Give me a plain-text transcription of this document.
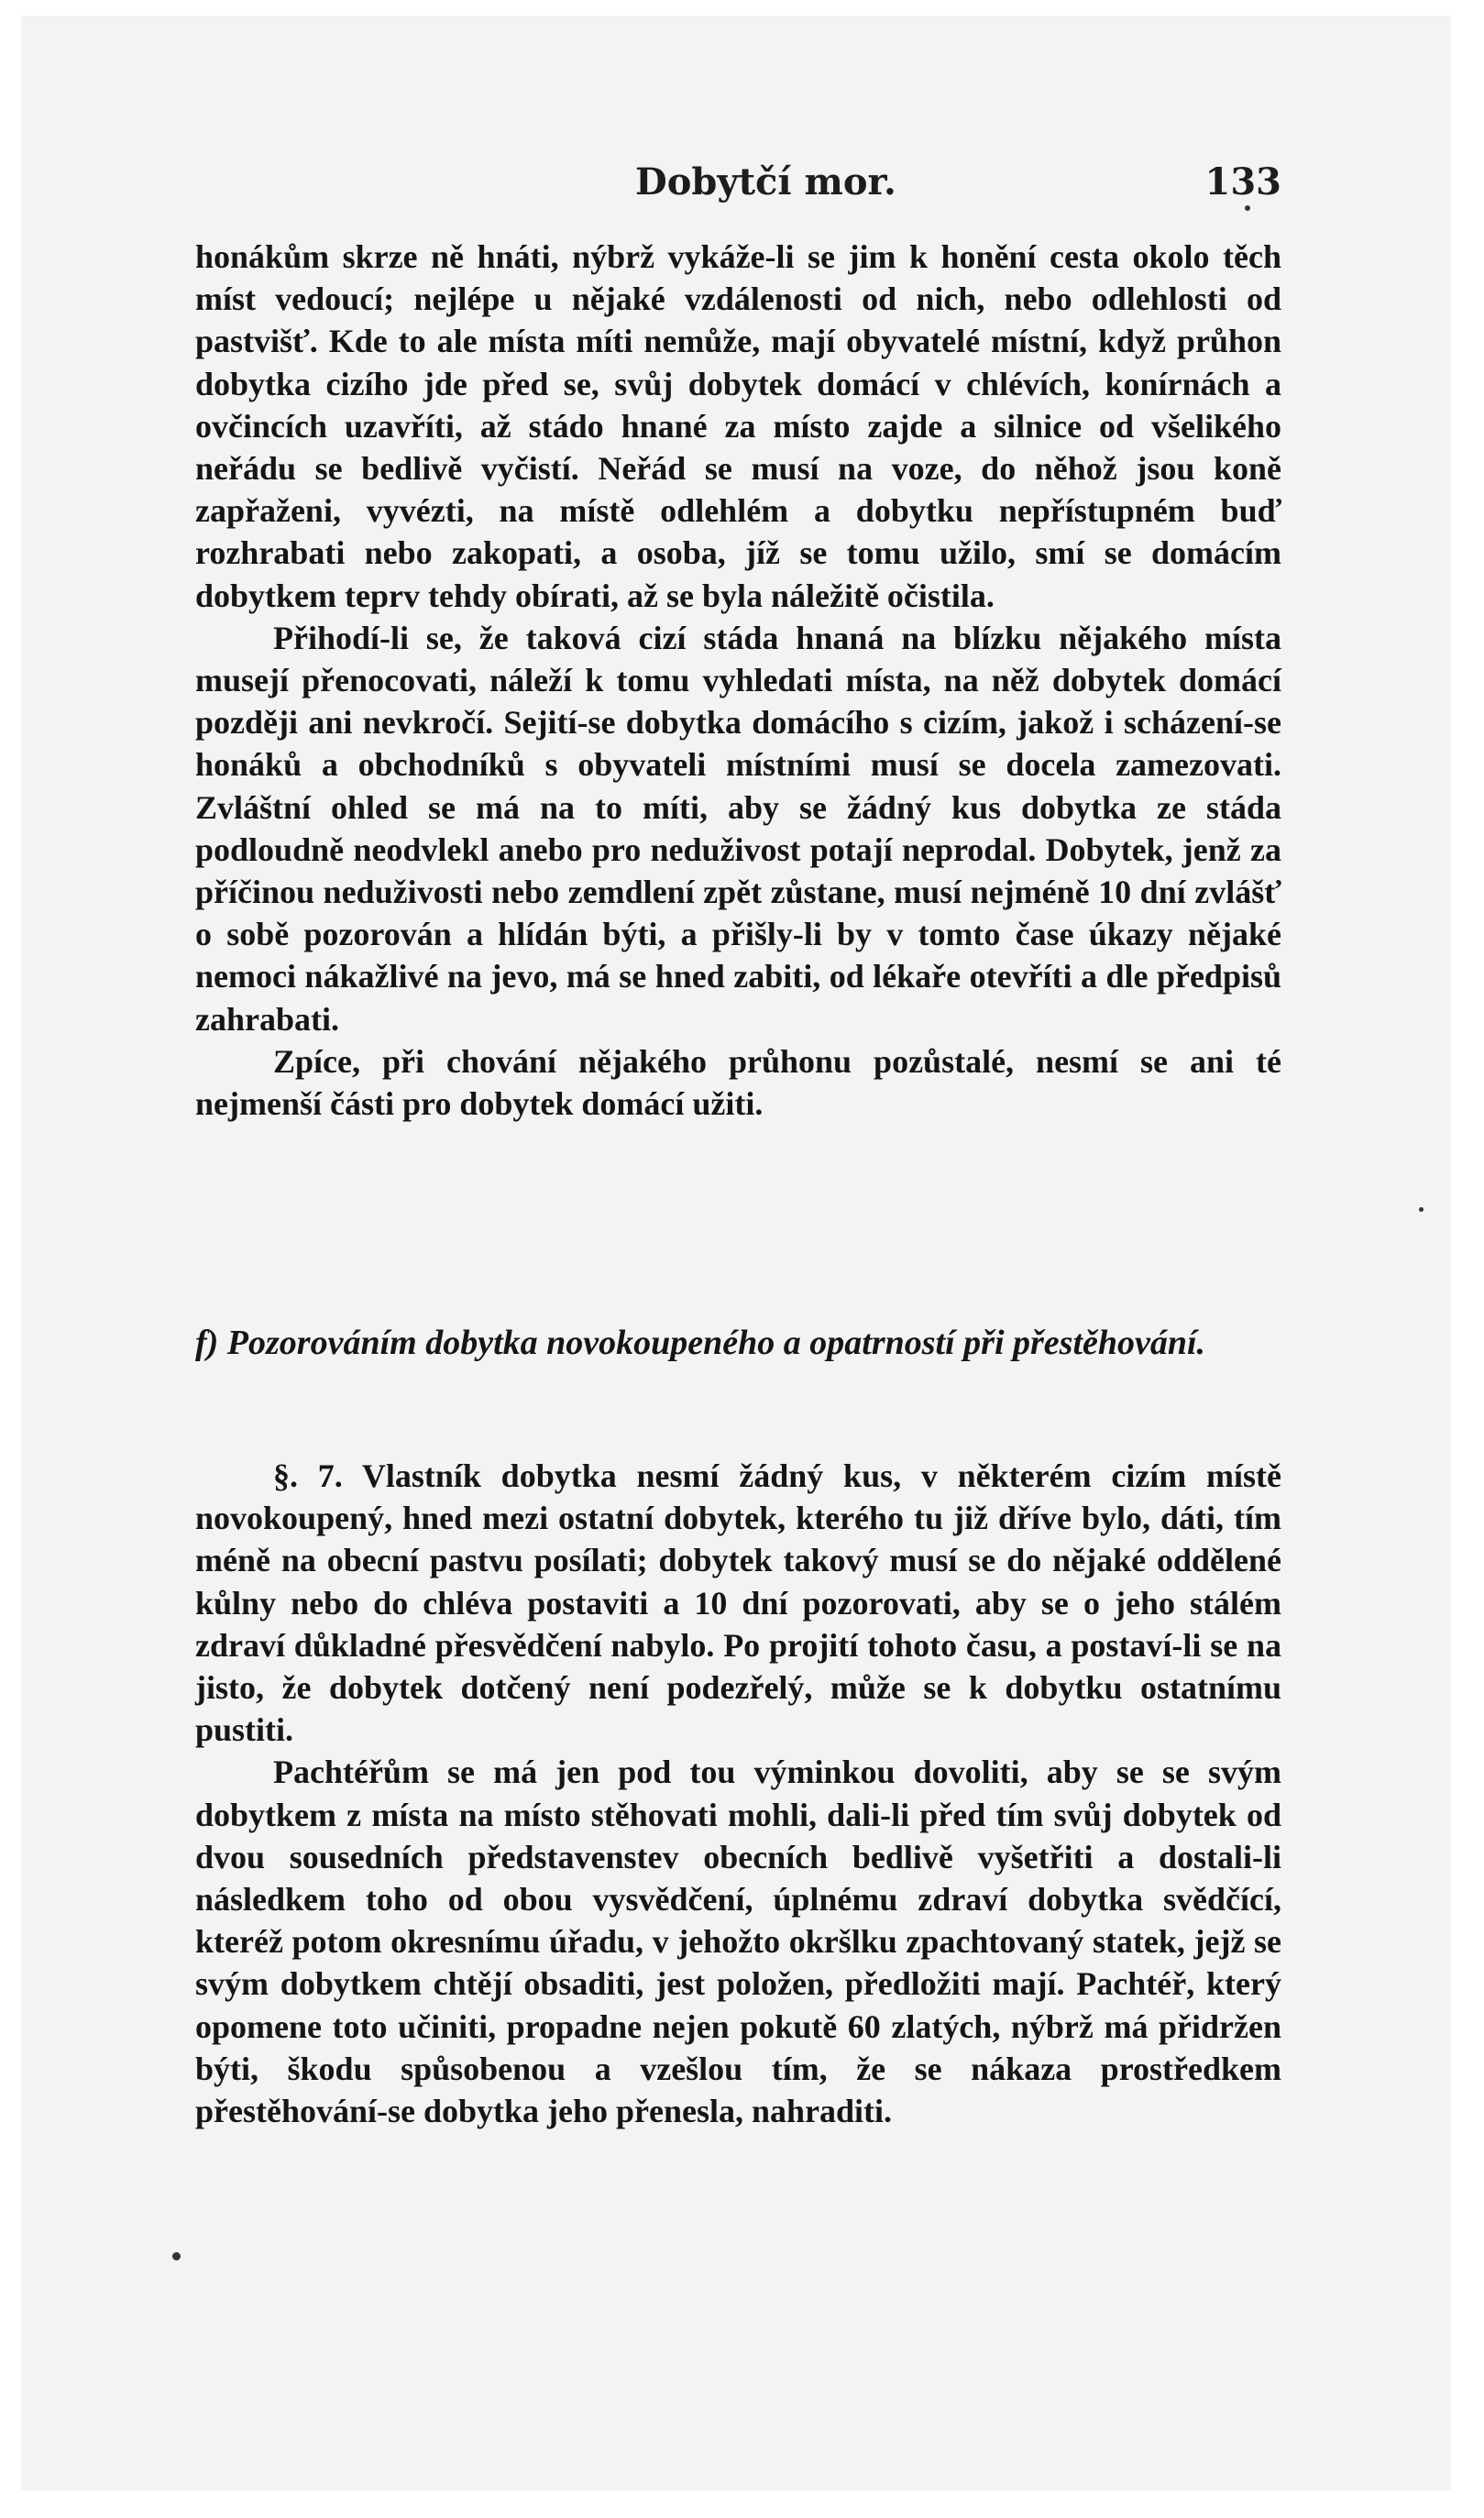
Dobytčí mor.	133

honákům skrze ně hnáti, nýbrž vykáže-li se jim k honění cesta okolo těch míst vedoucí; nejlépe u nějaké vzdálenosti od nich, nebo odlehlosti od pastvišť. Kde to ale místa míti nemůže, mají obyvatelé místní, když průhon dobytka cizího jde před se, svůj dobytek domácí v chlévích, konírnách a ovčincích uzavříti, až stádo hnané za místo zajde a silnice od všelikého neřádu se bedlivě vyčistí. Neřád se musí na voze, do něhož jsou koně zapřaženi, vyvézti, na místě odlehlém a dobytku nepřístupném buď rozhrabati nebo zakopati, a osoba, jíž se tomu užilo, smí se domácím dobytkem teprv tehdy obírati, až se byla náležitě očistila.

Přihodí-li se, že taková cizí stáda hnaná na blízku nějakého místa musejí přenocovati, náleží k tomu vyhledati místa, na něž dobytek domácí později ani nevkročí. Sejití-se dobytka domácího s cizím, jakož i scházení-se honáků a obchodníků s obyvateli místními musí se docela zamezovati. Zvláštní ohled se má na to míti, aby se žádný kus dobytka ze stáda podloudně neodvlekl anebo pro neduživost potají neprodal. Dobytek, jenž za příčinou neduživosti nebo zemdlení zpět zůstane, musí nejméně 10 dní zvlášť o sobě pozorován a hlídán býti, a přišly-li by v tomto čase úkazy nějaké nemoci nákažlivé na jevo, má se hned zabiti, od lékaře otevříti a dle předpisů zahrabati.

Zpíce, při chování nějakého průhonu pozůstalé, nesmí se ani té nejmenší části pro dobytek domácí užiti.

f) Pozorováním dobytka novokoupeného a opatrností při přestěhování.

§. 7. Vlastník dobytka nesmí žádný kus, v některém cizím místě novokoupený, hned mezi ostatní dobytek, kterého tu již dříve bylo, dáti, tím méně na obecní pastvu posílati; dobytek takový musí se do nějaké oddělené kůlny nebo do chléva postaviti a 10 dní pozorovati, aby se o jeho stálém zdraví důkladné přesvědčení nabylo. Po projití tohoto času, a postaví-li se na jisto, že dobytek dotčený není podezřelý, může se k dobytku ostatnímu pustiti.

Pachtéřům se má jen pod tou výminkou dovoliti, aby se se svým dobytkem z místa na místo stěhovati mohli, dali-li před tím svůj dobytek od dvou sousedních představenstev obecních bedlivě vyšetřiti a dostali-li následkem toho od obou vysvědčení, úplnému zdraví dobytka svědčící, kteréž potom okresnímu úřadu, v jehožto okršlku zpachtovaný statek, jejž se svým dobytkem chtějí obsaditi, jest položen, předložiti mají. Pachtéř, který opomene toto učiniti, propadne nejen pokutě 60 zlatých, nýbrž má přidržen býti, škodu spůsobenou a vzešlou tím, že se nákaza prostředkem přestěhování-se dobytka jeho přenesla, nahraditi.
